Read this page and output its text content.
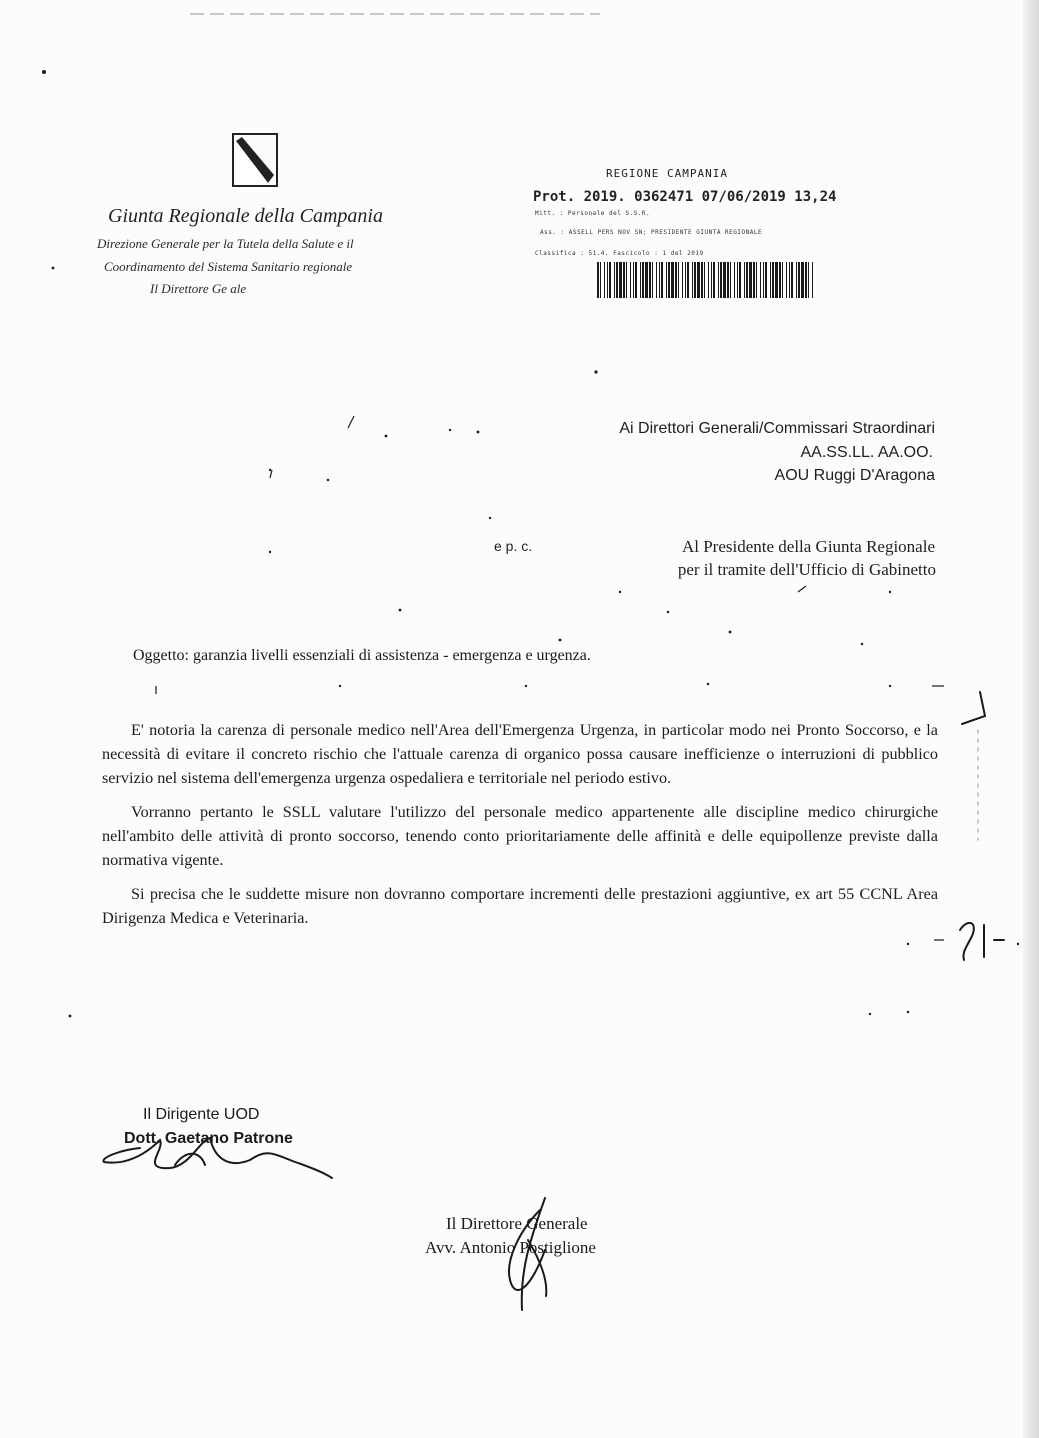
Giunta Regionale della Campania
Direzione Generale per la Tutela della Salute e il
Coordinamento del Sistema Sanitario regionale
Il Direttore Ge ale
REGIONE CAMPANIA
Prot. 2019. 0362471 07/06/2019 13,24
Mitt. : Personale del S.S.R.
Ass. : ASSELL PERS NOV SN; PRESIDENTE GIUNTA REGIONALE
Classifica : 51.4. Fascicolo : 1 del 2019
Ai Direttori Generali/Commissari Straordinari
AA.SS.LL. AA.OO.
AOU Ruggi D'Aragona
e p. c.	Al Presidente della Giunta Regionale
per il tramite dell'Ufficio di Gabinetto
Oggetto: garanzia livelli essenziali di assistenza - emergenza e urgenza.

E' notoria la carenza di personale medico nell'Area dell'Emergenza Urgenza, in particolar modo nei Pronto Soccorso, e la necessità di evitare il concreto rischio che l'attuale carenza di organico possa causare inefficienze o interruzioni di pubblico servizio nel sistema dell'emergenza urgenza ospedaliera e territoriale nel periodo estivo.

Vorranno pertanto le SSLL valutare l'utilizzo del personale medico appartenente alle discipline medico chirurgiche nell'ambito delle attività di pronto soccorso, tenendo conto prioritariamente delle affinità e delle equipollenze previste dalla normativa vigente.

Si precisa che le suddette misure non dovranno comportare incrementi delle prestazioni aggiuntive, ex art 55 CCNL Area Dirigenza Medica e Veterinaria.

Il Dirigente UOD
Dott. Gaetano Patrone
Il Direttore Generale
Avv. Antonio Postiglione
